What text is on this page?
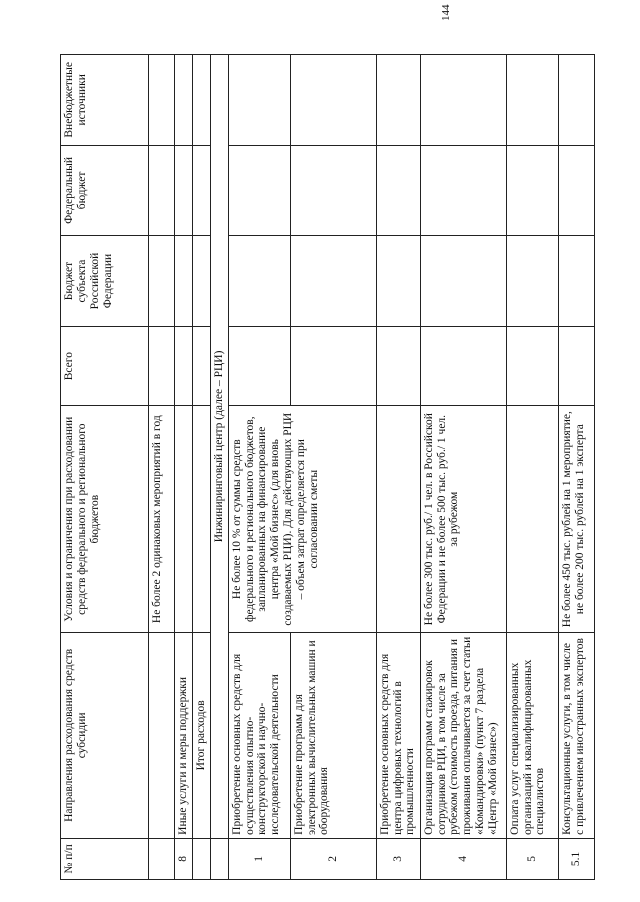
144
№ п/п	Направления расходования средств субсидии	Условия и ограничения при расходовании средств федерального и регионального бюджетов	Всего	Бюджет субъекта Российской Федерации	Федеральный бюджет	Внебюджетные источники
		Не более 2 одинаковых мероприятий в год				
8	Иные услуги и меры поддержки					
	Итог расходов					
	Инжиниринговый центр (далее – РЦИ)					
1	Приобретение основных средств для осуществления опытно-конструкторской и научно-исследовательской деятельности	Не более 10 % от суммы средств федерального и регионального бюджетов, запланированных на финансирование центра «Мой бизнес» (для вновь создаваемых РЦИ). Для действующих РЦИ – объем затрат определяется при согласовании сметы				
2	Приобретение программ для электронных вычислительных машин и оборудования					
3	Приобретение основных средств для центра цифровых технологий в промышленности					
4	Организация программ стажировок сотрудников РЦИ, в том числе за рубежом (стоимость проезда, питания и проживания оплачивается за счет статьи «Командировки» (пункт 7 раздела «Центр «Мой бизнес»)	Не более 300 тыс. руб./ 1 чел. в Российской Федерации и не более 500 тыс. руб./ 1 чел. за рубежом				
5	Оплата услуг специализированных организаций и квалифицированных специалистов					
5.1	Консультационные услуги, в том числе с привлечением иностранных экспертов	Не более 450 тыс. рублей на 1 мероприятие, не более 200 тыс. рублей на 1 эксперта				
